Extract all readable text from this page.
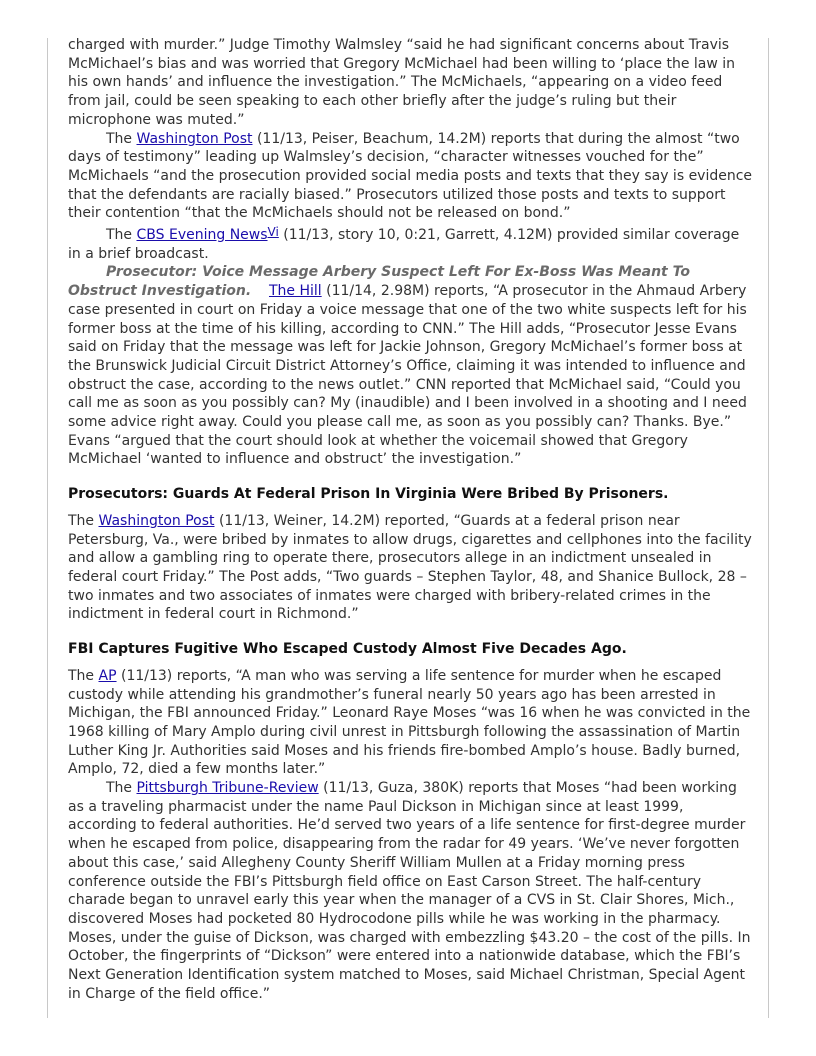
charged with murder.” Judge Timothy Walmsley “said he had significant concerns about Travis McMichael’s bias and was worried that Gregory McMichael had been willing to ‘place the law in his own hands’ and influence the investigation.” The McMichaels, “appearing on a video feed from jail, could be seen speaking to each other briefly after the judge’s ruling but their microphone was muted.”

The Washington Post (11/13, Peiser, Beachum, 14.2M) reports that during the almost “two days of testimony” leading up Walmsley’s decision, “character witnesses vouched for the” McMichaels “and the prosecution provided social media posts and texts that they say is evidence that the defendants are racially biased.” Prosecutors utilized those posts and texts to support their contention “that the McMichaels should not be released on bond.”

The CBS Evening NewsVi (11/13, story 10, 0:21, Garrett, 4.12M) provided similar coverage in a brief broadcast.

Prosecutor: Voice Message Arbery Suspect Left For Ex-Boss Was Meant To Obstruct Investigation. The Hill (11/14, 2.98M) reports, “A prosecutor in the Ahmaud Arbery case presented in court on Friday a voice message that one of the two white suspects left for his former boss at the time of his killing, according to CNN.” The Hill adds, “Prosecutor Jesse Evans said on Friday that the message was left for Jackie Johnson, Gregory McMichael’s former boss at the Brunswick Judicial Circuit District Attorney’s Office, claiming it was intended to influence and obstruct the case, according to the news outlet.” CNN reported that McMichael said, “Could you call me as soon as you possibly can? My (inaudible) and I been involved in a shooting and I need some advice right away. Could you please call me, as soon as you possibly can? Thanks. Bye.” Evans “argued that the court should look at whether the voicemail showed that Gregory McMichael ‘wanted to influence and obstruct’ the investigation.”

Prosecutors: Guards At Federal Prison In Virginia Were Bribed By Prisoners.

The Washington Post (11/13, Weiner, 14.2M) reported, “Guards at a federal prison near Petersburg, Va., were bribed by inmates to allow drugs, cigarettes and cellphones into the facility and allow a gambling ring to operate there, prosecutors allege in an indictment unsealed in federal court Friday.” The Post adds, “Two guards – Stephen Taylor, 48, and Shanice Bullock, 28 – two inmates and two associates of inmates were charged with bribery-related crimes in the indictment in federal court in Richmond.”

FBI Captures Fugitive Who Escaped Custody Almost Five Decades Ago.

The AP (11/13) reports, “A man who was serving a life sentence for murder when he escaped custody while attending his grandmother’s funeral nearly 50 years ago has been arrested in Michigan, the FBI announced Friday.” Leonard Raye Moses “was 16 when he was convicted in the 1968 killing of Mary Amplo during civil unrest in Pittsburgh following the assassination of Martin Luther King Jr. Authorities said Moses and his friends fire-bombed Amplo’s house. Badly burned, Amplo, 72, died a few months later.”

The Pittsburgh Tribune-Review (11/13, Guza, 380K) reports that Moses “had been working as a traveling pharmacist under the name Paul Dickson in Michigan since at least 1999, according to federal authorities. He’d served two years of a life sentence for first-degree murder when he escaped from police, disappearing from the radar for 49 years. ‘We’ve never forgotten about this case,’ said Allegheny County Sheriff William Mullen at a Friday morning press conference outside the FBI’s Pittsburgh field office on East Carson Street. The half-century charade began to unravel early this year when the manager of a CVS in St. Clair Shores, Mich., discovered Moses had pocketed 80 Hydrocodone pills while he was working in the pharmacy. Moses, under the guise of Dickson, was charged with embezzling $43.20 – the cost of the pills. In October, the fingerprints of “Dickson” were entered into a nationwide database, which the FBI’s Next Generation Identification system matched to Moses, said Michael Christman, Special Agent in Charge of the field office.”
